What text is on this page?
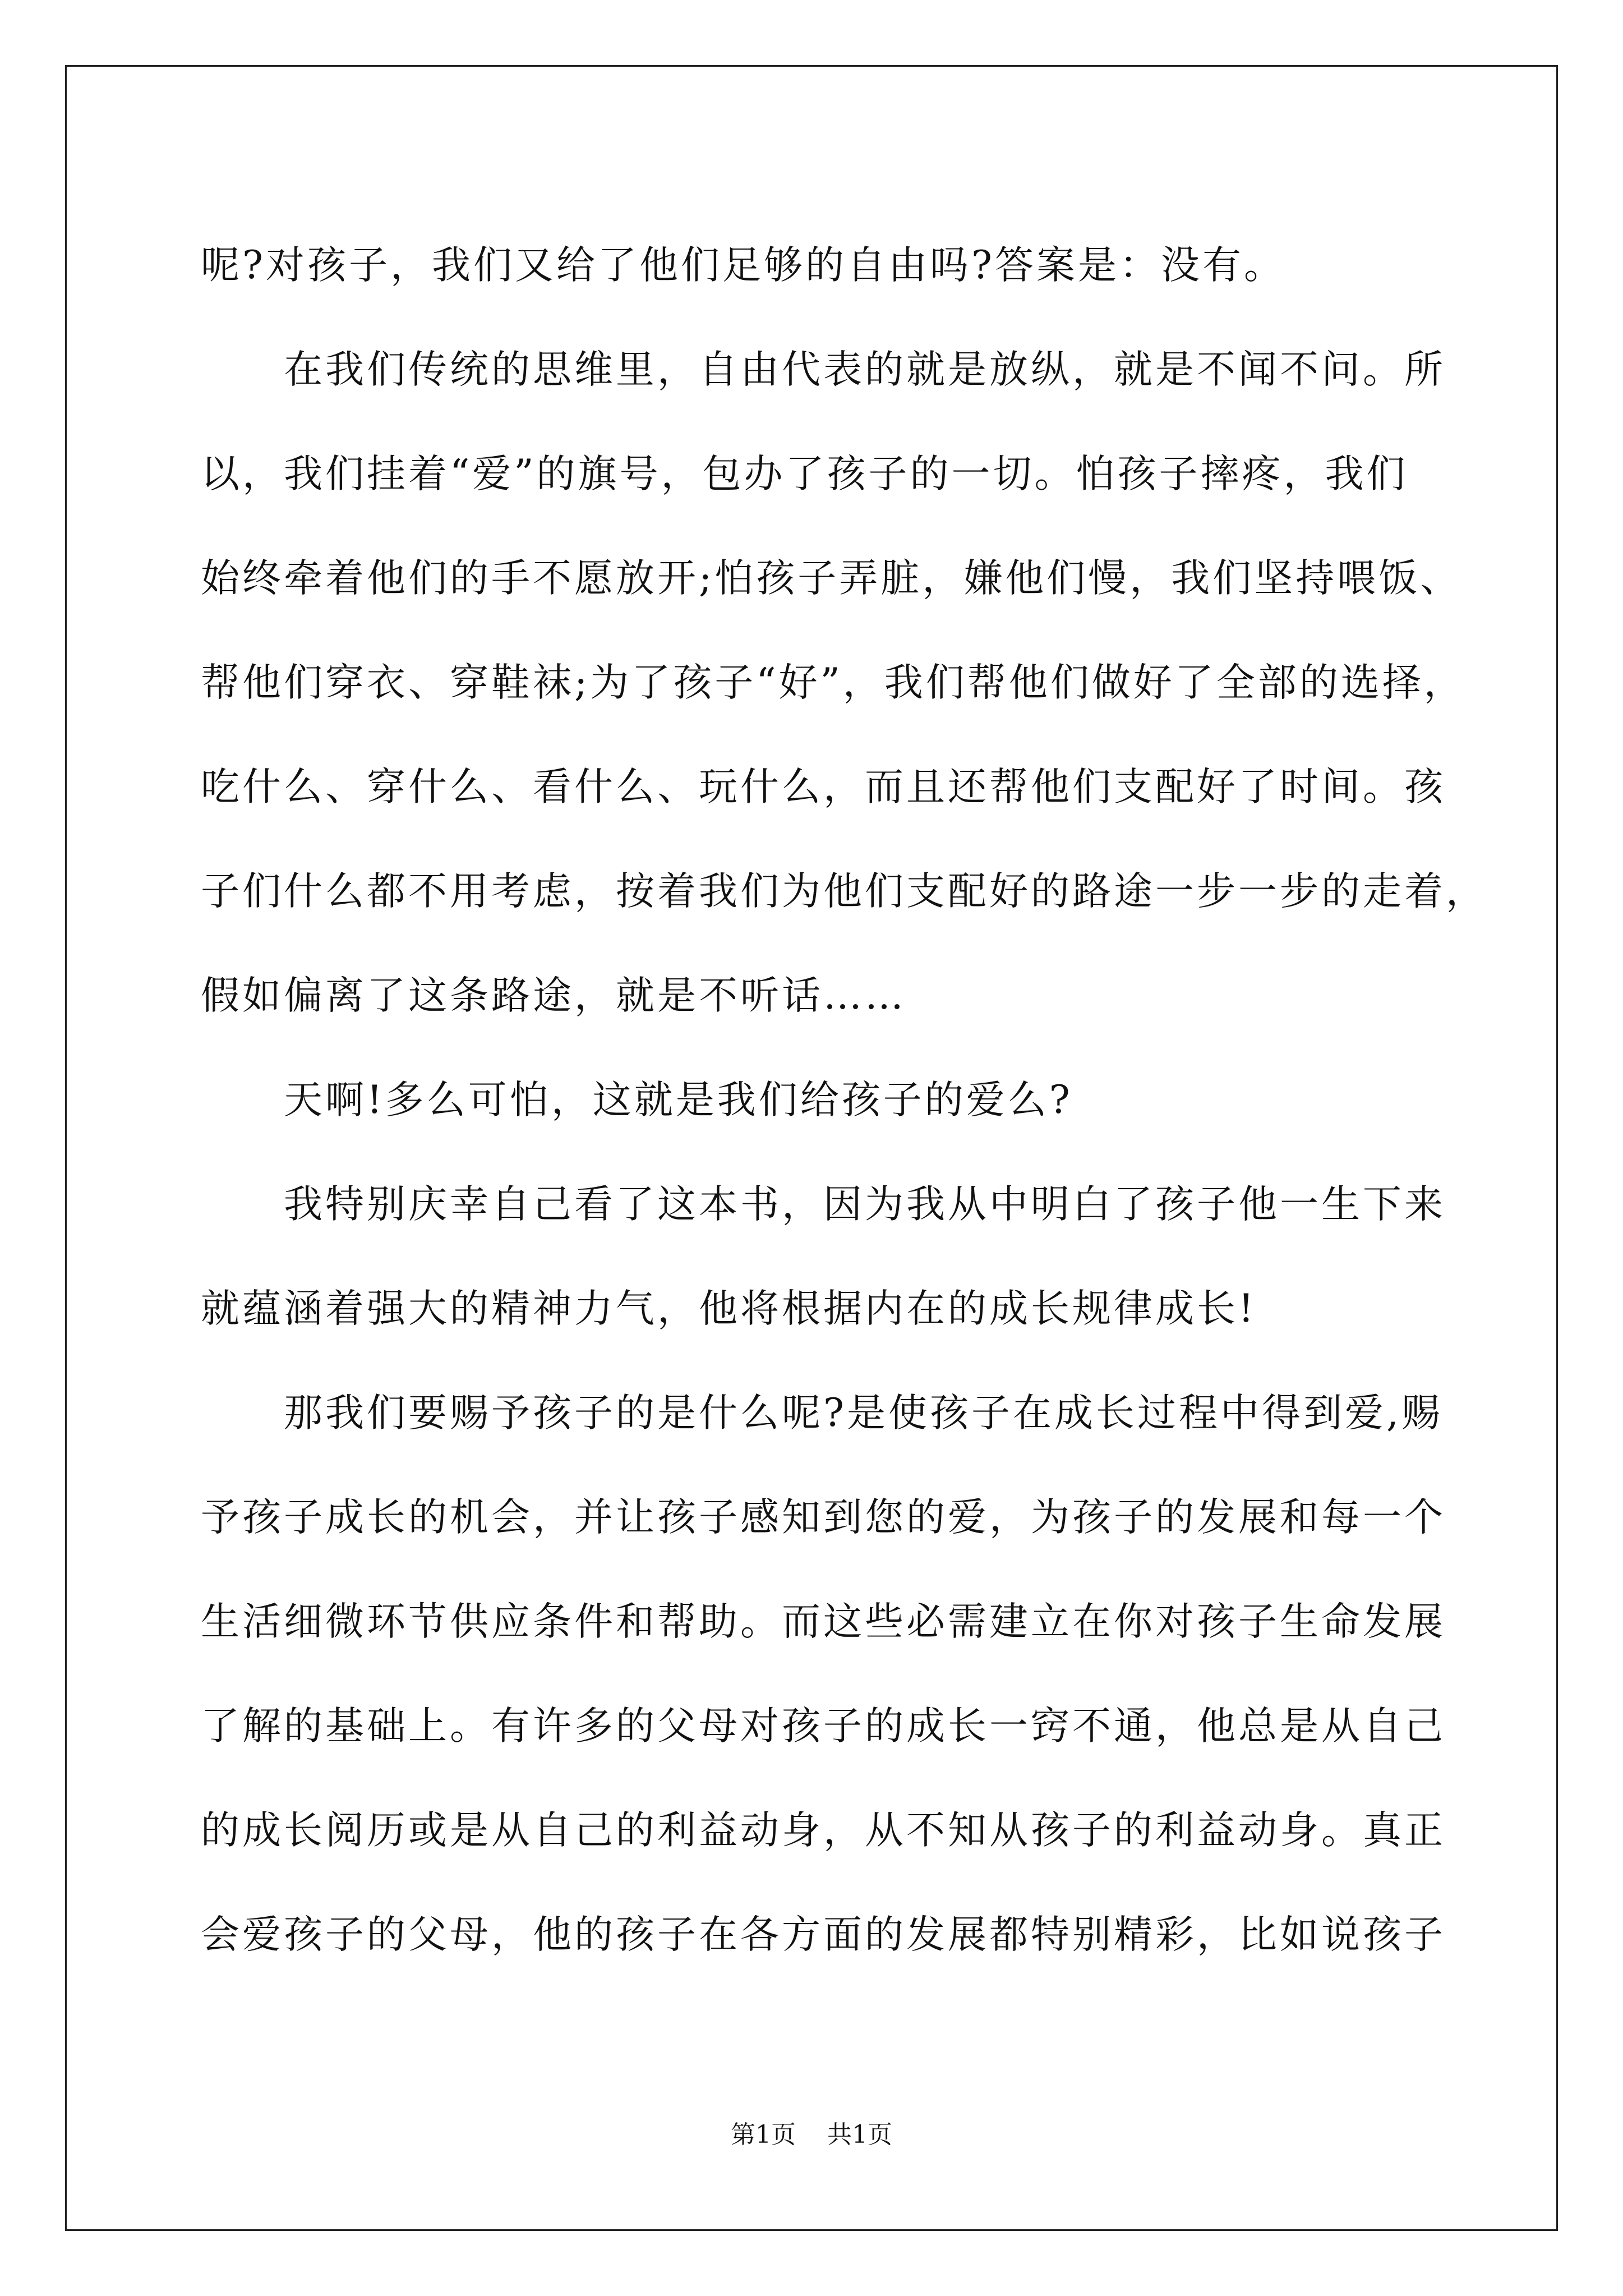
呢?对孩子，我们又给了他们足够的自由吗?答案是：没有。
在我们传统的思维里，自由代表的就是放纵，就是不闻不问。所
以，我们挂着“爱”的旗号，包办了孩子的一切。怕孩子摔疼，我们
始终牵着他们的手不愿放开;怕孩子弄脏，嫌他们慢，我们坚持喂饭、
帮他们穿衣、穿鞋袜;为了孩子“好”，我们帮他们做好了全部的选择，
吃什么、穿什么、看什么、玩什么，而且还帮他们支配好了时间。孩
子们什么都不用考虑，按着我们为他们支配好的路途一步一步的走着，
假如偏离了这条路途，就是不听话……
天啊!多么可怕，这就是我们给孩子的爱么?
我特别庆幸自己看了这本书，因为我从中明白了孩子他一生下来
就蕴涵着强大的精神力气，他将根据内在的成长规律成长!
那我们要赐予孩子的是什么呢?是使孩子在成长过程中得到爱,赐
予孩子成长的机会，并让孩子感知到您的爱，为孩子的发展和每一个
生活细微环节供应条件和帮助。而这些必需建立在你对孩子生命发展
了解的基础上。有许多的父母对孩子的成长一窍不通，他总是从自己
的成长阅历或是从自己的利益动身，从不知从孩子的利益动身。真正
会爱孩子的父母，他的孩子在各方面的发展都特别精彩，比如说孩子
第1页 共1页
